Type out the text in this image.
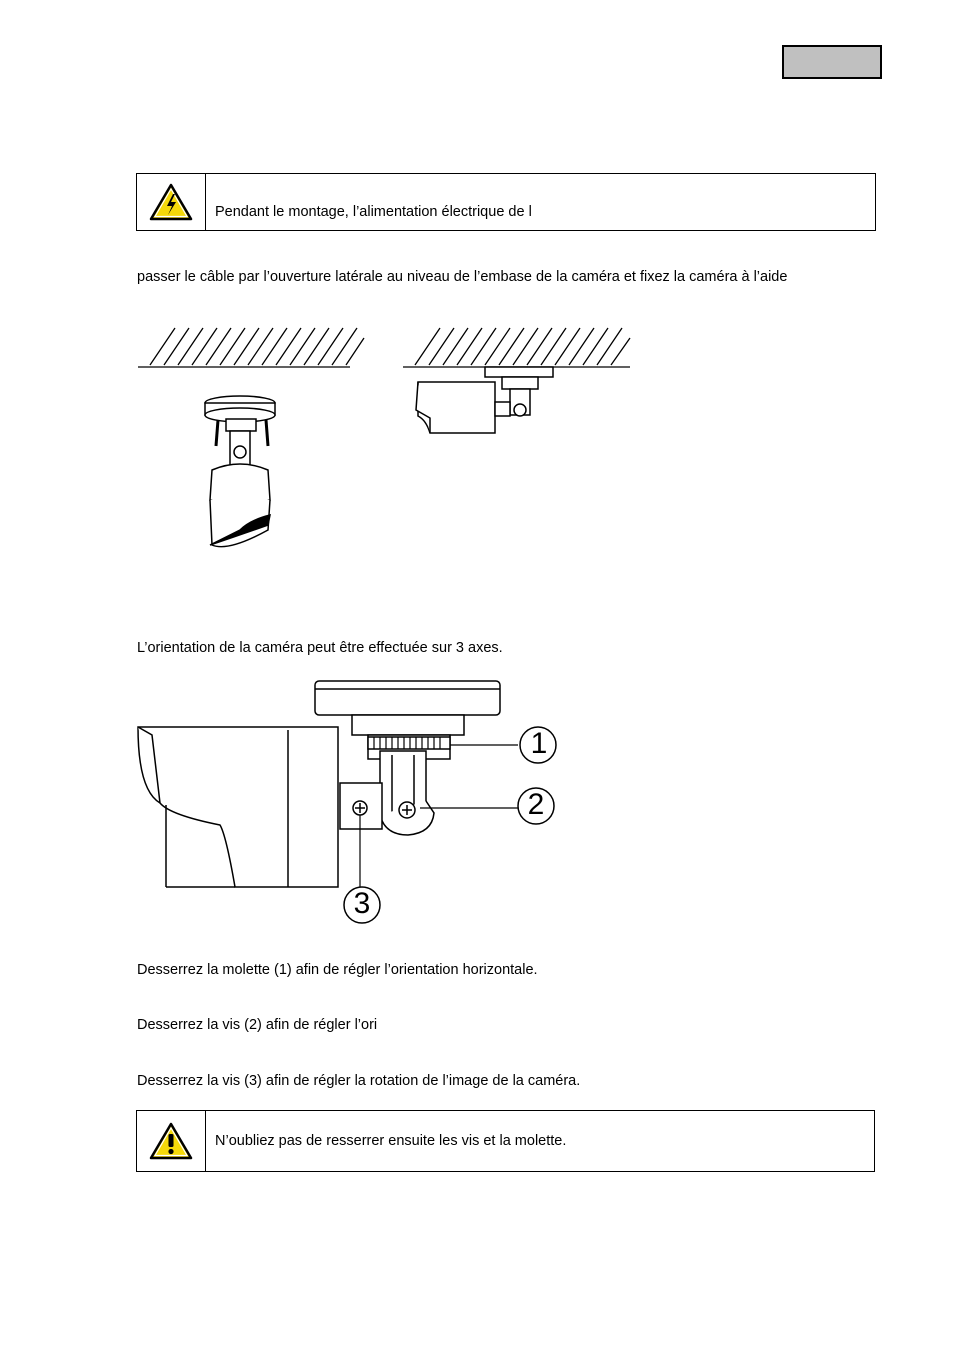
Pendant le montage, l’alimentation électrique de l
passer le câble par l’ouverture latérale au niveau de l’embase de la caméra et fixez la caméra à l’aide
L’orientation de la caméra peut être effectuée sur 3 axes.
1
2
3
Desserrez la molette (1) afin de régler l’orientation horizontale.
Desserrez la vis (2) afin de régler l’ori
Desserrez la vis (3) afin de régler la rotation de l’image de la caméra.
N’oubliez pas de resserrer ensuite les vis et la molette.
